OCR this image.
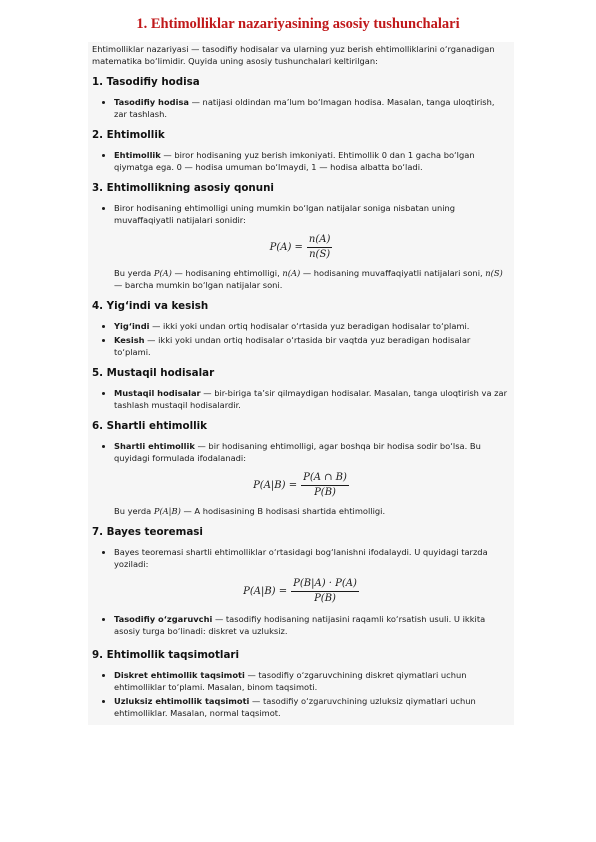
1. Ehtimolliklar nazariyasining asosiy tushunchalari

Ehtimolliklar nazariyasi — tasodifiy hodisalar va ularning yuz berish ehtimolliklarini o‘rganadigan matematika bo‘limidir. Quyida uning asosiy tushunchalari keltirilgan:

1. Tasodifiy hodisa
• Tasodifiy hodisa — natijasi oldindan ma’lum bo‘lmagan hodisa. Masalan, tanga uloqtirish, zar tashlash.
2. Ehtimollik
• Ehtimollik — biror hodisaning yuz berish imkoniyati. Ehtimollik 0 dan 1 gacha bo‘lgan qiymatga ega. 0 — hodisa umuman bo‘lmaydi, 1 — hodisa albatta bo‘ladi.
3. Ehtimollikning asosiy qonuni
• Biror hodisaning ehtimolligi uning mumkin bo‘lgan natijalar soniga nisbatan uning muvaffaqiyatli natijalari sonidir:
$P(A) = \frac{n(A)}{n(S)}$

Bu yerda P(A) — hodisaning ehtimolligi, n(A) — hodisaning muvaffaqiyatli natijalari soni, n(S) — barcha mumkin bo‘lgan natijalar soni.

4. Yig‘indi va kesish
• Yig‘indi — ikki yoki undan ortiq hodisalar o‘rtasida yuz beradigan hodisalar to‘plami.
• Kesish — ikki yoki undan ortiq hodisalar o‘rtasida bir vaqtda yuz beradigan hodisalar to‘plami.
5. Mustaqil hodisalar
• Mustaqil hodisalar — bir-biriga ta’sir qilmaydigan hodisalar. Masalan, tanga uloqtirish va zar tashlash mustaqil hodisalardir.
6. Shartli ehtimollik
• Shartli ehtimollik — bir hodisaning ehtimolligi, agar boshqa bir hodisa sodir bo‘lsa. Bu quyidagi formulada ifodalanadi:
$P(A|B) = \frac{P(A \cap B)}{P(B)}$

Bu yerda P(A|B) — A hodisasining B hodisasi shartida ehtimolligi.

7. Bayes teoremasi
• Bayes teoremasi shartli ehtimolliklar o‘rtasidagi bog‘lanishni ifodalaydi. U quyidagi tarzda yoziladi:
$P(A|B) = \frac{P(B|A) \cdot P(A)}{P(B)}$
• Tasodifiy o‘zgaruvchi — tasodifiy hodisaning natijasini raqamli ko‘rsatish usuli. U ikkita asosiy turga bo‘linadi: diskret va uzluksiz.
9. Ehtimollik taqsimotlari
• Diskret ehtimollik taqsimoti — tasodifiy o‘zgaruvchining diskret qiymatlari uchun ehtimolliklar to‘plami. Masalan, binom taqsimoti.
• Uzluksiz ehtimollik taqsimoti — tasodifiy o‘zgaruvchining uzluksiz qiymatlari uchun ehtimolliklar. Masalan, normal taqsimot.
